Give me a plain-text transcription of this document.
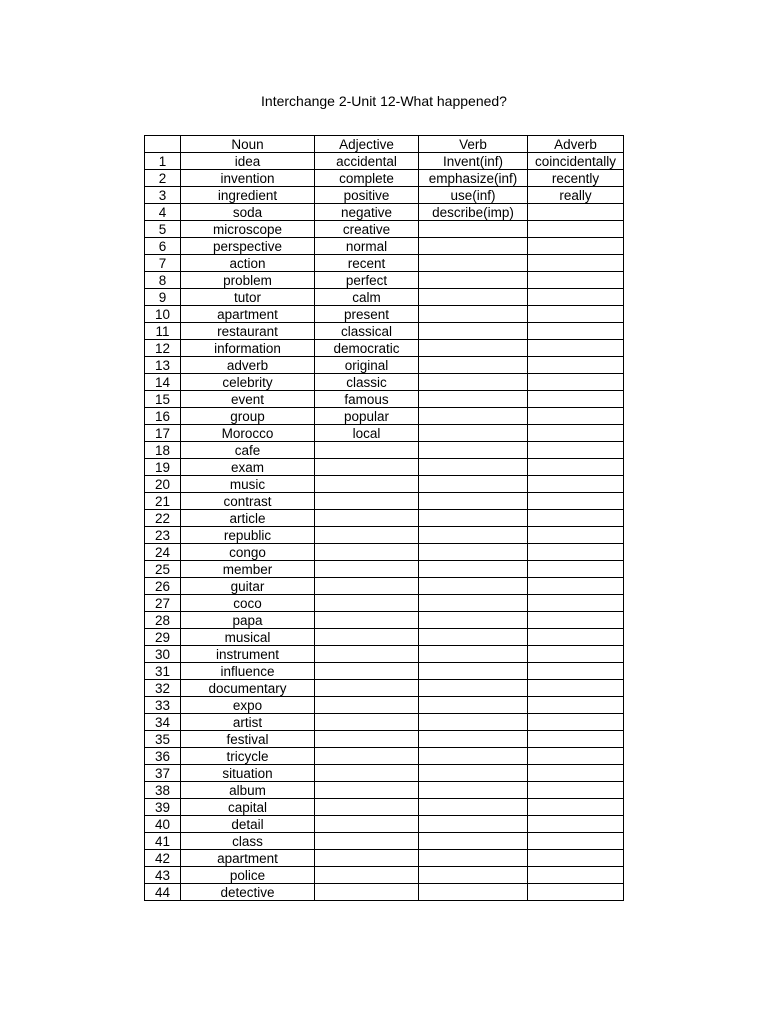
Interchange 2-Unit 12-What happened?
	Noun	Adjective	Verb	Adverb
1	idea	accidental	Invent(inf)	coincidentally
2	invention	complete	emphasize(inf)	recently
3	ingredient	positive	use(inf)	really
4	soda	negative	describe(imp)	
5	microscope	creative		
6	perspective	normal		
7	action	recent		
8	problem	perfect		
9	tutor	calm		
10	apartment	present		
11	restaurant	classical		
12	information	democratic		
13	adverb	original		
14	celebrity	classic		
15	event	famous		
16	group	popular		
17	Morocco	local		
18	cafe			
19	exam			
20	music			
21	contrast			
22	article			
23	republic			
24	congo			
25	member			
26	guitar			
27	coco			
28	papa			
29	musical			
30	instrument			
31	influence			
32	documentary			
33	expo			
34	artist			
35	festival			
36	tricycle			
37	situation			
38	album			
39	capital			
40	detail			
41	class			
42	apartment			
43	police			
44	detective			
